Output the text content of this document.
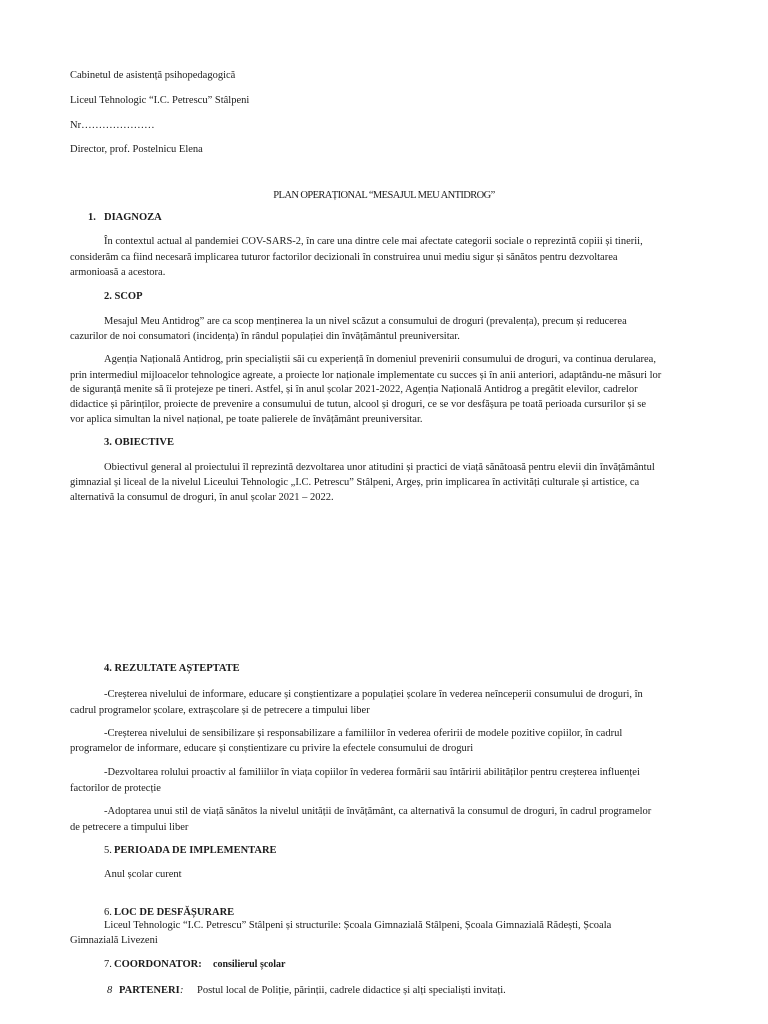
Cabinetul de asistență psihopedagogică
Liceul Tehnologic “I.C. Petrescu” Stâlpeni
Nr…………………
Director, prof. Postelnicu Elena
PLAN OPERAȚIONAL “MESAJUL MEU ANTIDROG”
1. DIAGNOZA
În contextul actual al pandemiei COV-SARS-2, în care una dintre cele mai afectate categorii sociale o reprezintă copiii și tinerii,
considerăm ca fiind necesară implicarea tuturor factorilor decizionali în construirea unui mediu sigur și sănătos pentru dezvoltarea
armonioasă a acestora.
2. SCOP
Mesajul Meu Antidrog” are ca scop menținerea la un nivel scăzut a consumului de droguri (prevalența), precum și reducerea
cazurilor de noi consumatori (incidența) în rândul populației din învățământul preuniversitar.
Agenția Națională Antidrog, prin specialiștii săi cu experiență în domeniul prevenirii consumului de droguri, va continua derularea,
prin intermediul mijloacelor tehnologice agreate, a proiecte lor naționale implementate cu succes și în anii anteriori, adaptându-ne măsuri lor
de siguranță menite să îi protejeze pe tineri. Astfel, și în anul școlar 2021-2022, Agenția Națională Antidrog a pregătit elevilor, cadrelor
didactice și părinților, proiecte de prevenire a consumului de tutun, alcool și droguri, ce se vor desfășura pe toată perioada cursurilor și se
vor aplica simultan la nivel național, pe toate palierele de învățământ preuniversitar.
3. OBIECTIVE
Obiectivul general al proiectului îl reprezintă dezvoltarea unor atitudini și practici de viață sănătoasă pentru elevii din învățământul
gimnazial și liceal de la nivelul Liceului Tehnologic „I.C. Petrescu” Stâlpeni, Argeș, prin implicarea în activități culturale și artistice, ca
alternativă la consumul de droguri, în anul școlar 2021 – 2022.
4. REZULTATE AȘTEPTATE
-Creșterea nivelului de informare, educare și conștientizare a populației școlare în vederea neînceperii consumului de droguri, în
cadrul programelor școlare, extrașcolare și de petrecere a timpului liber
-Creșterea nivelului de sensibilizare și responsabilizare a familiilor în vederea oferirii de modele pozitive copiilor, în cadrul
programelor de informare, educare și conștientizare cu privire la efectele consumului de droguri
-Dezvoltarea rolului proactiv al familiilor în viața copiilor în vederea formării sau întăririi abilităților pentru creșterea influenței
factorilor de protecție
-Adoptarea unui stil de viață sănătos la nivelul unității de învățământ, ca alternativă la consumul de droguri, în cadrul programelor
de petrecere a timpului liber
5. PERIOADA DE IMPLEMENTARE
Anul școlar curent
6. LOC DE DESFĂȘURARE
Liceul Tehnologic “I.C. Petrescu” Stâlpeni și structurile: Școala Gimnazială Stâlpeni, Școala Gimnazială Rădești, Școala
Gimnazială Livezeni
7. COORDONATOR: consilierul școlar
8 PARTENERI : Postul local de Poliție, părinții, cadrele didactice și alți specialiști invitați.
